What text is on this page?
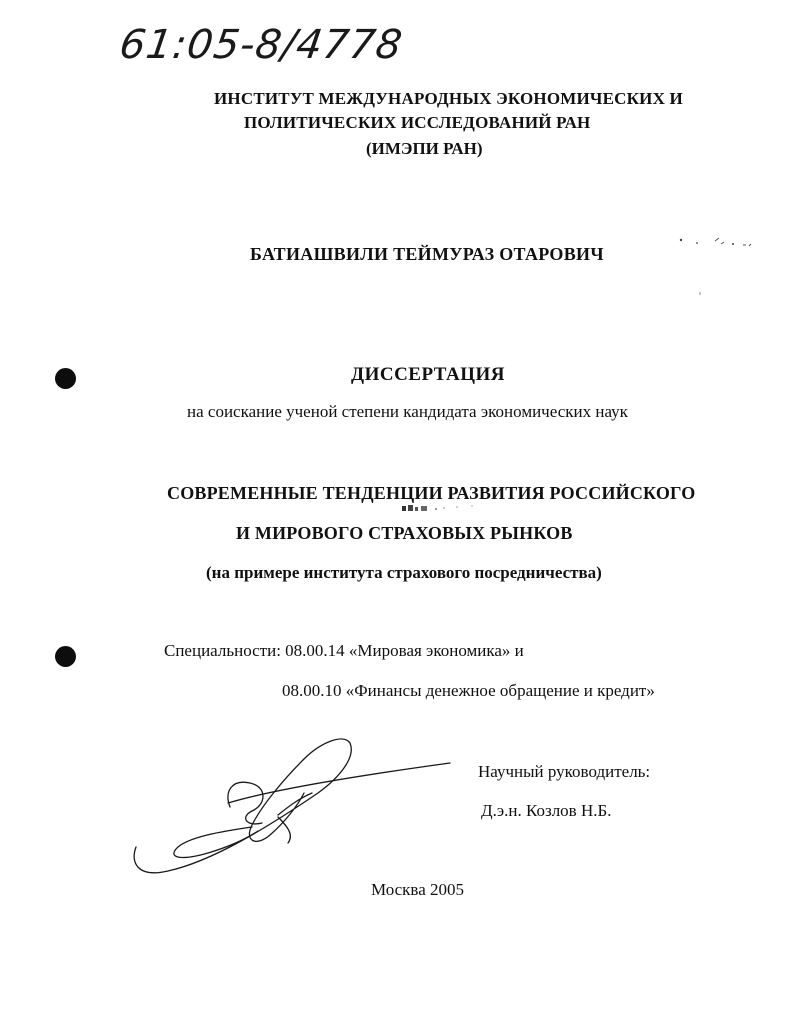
61:05-8/4778
ИНСТИТУТ МЕЖДУНАРОДНЫХ ЭКОНОМИЧЕСКИХ И
ПОЛИТИЧЕСКИХ ИССЛЕДОВАНИЙ РАН
(ИМЭПИ РАН)
БАТИАШВИЛИ ТЕЙМУРАЗ ОТАРОВИЧ
ДИССЕРТАЦИЯ
на соискание ученой степени кандидата экономических наук
СОВРЕМЕННЫЕ ТЕНДЕНЦИИ РАЗВИТИЯ РОССИЙСКОГО
И МИРОВОГО СТРАХОВЫХ РЫНКОВ
(на примере института страхового посредничества)
Специальности: 08.00.14 «Мировая экономика» и
08.00.10 «Финансы денежное обращение и кредит»
Научный руководитель:
Д.э.н. Козлов Н.Б.
Москва 2005
